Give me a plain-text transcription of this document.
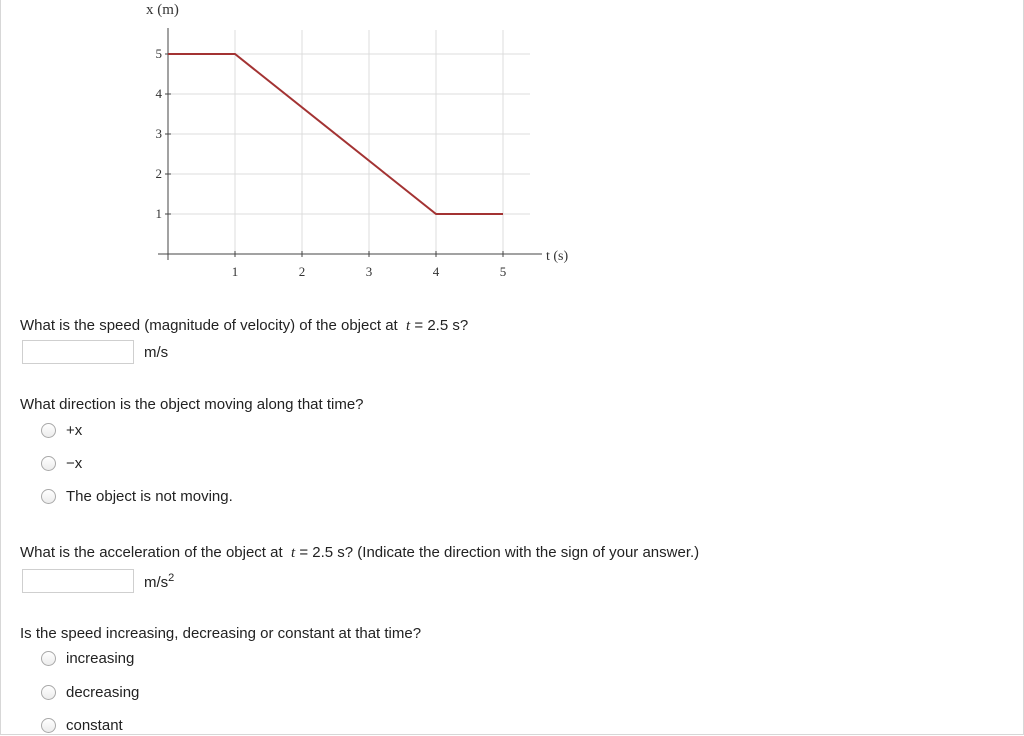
1	2	3	4	5
1
2
3
4
5
x (m)
t (s)
What is the speed (magnitude of velocity) of the object at t = 2.5 s?
m/s
What direction is the object moving along that time?
+x
−x
The object is not moving.
What is the acceleration of the object at t = 2.5 s? (Indicate the direction with the sign of your answer.)
$m/s^2$
Is the speed increasing, decreasing or constant at that time?
increasing
decreasing
constant
